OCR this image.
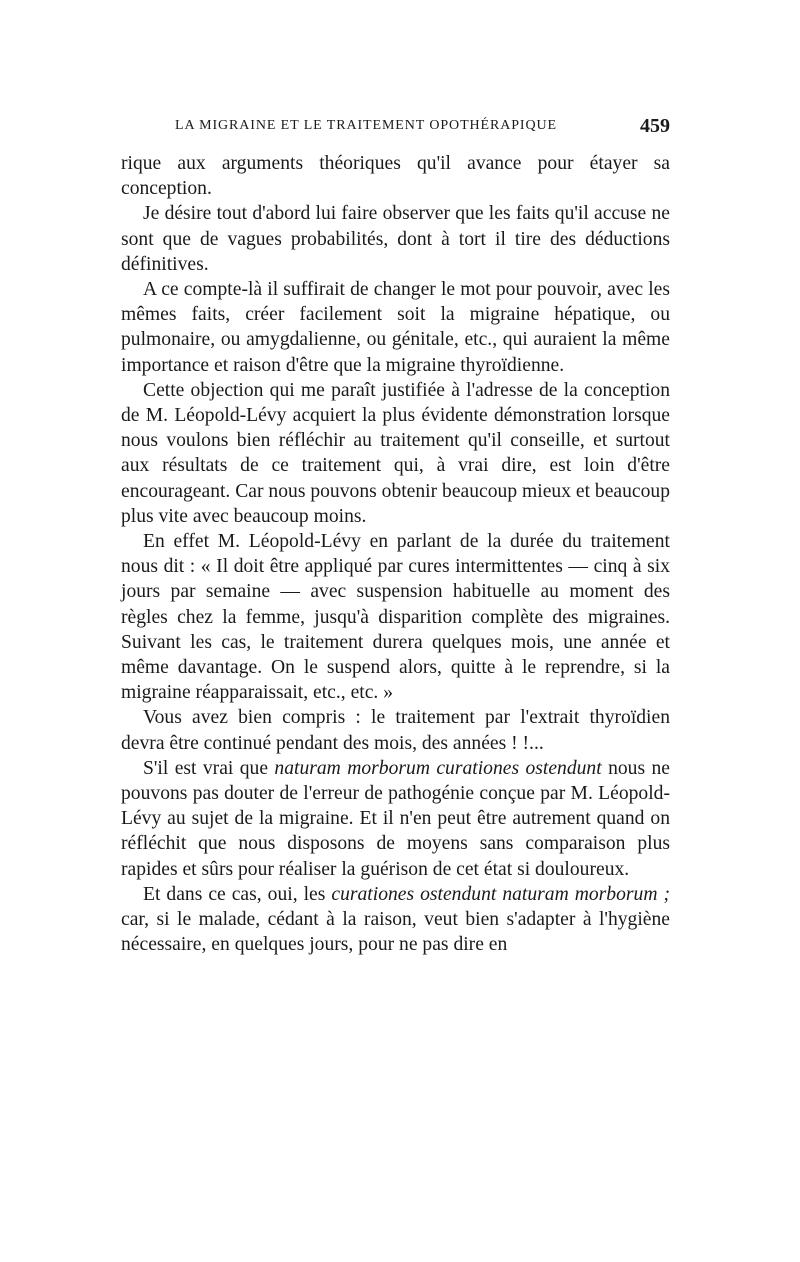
LA MIGRAINE ET LE TRAITEMENT OPOTHÉRAPIQUE	459

rique aux arguments théoriques qu'il avance pour étayer sa conception.

Je désire tout d'abord lui faire observer que les faits qu'il accuse ne sont que de vagues probabilités, dont à tort il tire des déductions définitives.

A ce compte-là il suffirait de changer le mot pour pouvoir, avec les mêmes faits, créer facilement soit la migraine hépatique, ou pulmonaire, ou amygdalienne, ou génitale, etc., qui auraient la même importance et raison d'être que la migraine thyroïdienne.

Cette objection qui me paraît justifiée à l'adresse de la conception de M. Léopold-Lévy acquiert la plus évidente démonstration lorsque nous voulons bien réfléchir au traitement qu'il conseille, et surtout aux résultats de ce traitement qui, à vrai dire, est loin d'être encourageant. Car nous pouvons obtenir beaucoup mieux et beaucoup plus vite avec beaucoup moins.

En effet M. Léopold-Lévy en parlant de la durée du traitement nous dit : « Il doit être appliqué par cures intermittentes — cinq à six jours par semaine — avec suspension habituelle au moment des règles chez la femme, jusqu'à disparition complète des migraines. Suivant les cas, le traitement durera quelques mois, une année et même davantage. On le suspend alors, quitte à le reprendre, si la migraine réapparaissait, etc., etc. »

Vous avez bien compris : le traitement par l'extrait thyroïdien devra être continué pendant des mois, des années ! !...

S'il est vrai que naturam morborum curationes ostendunt nous ne pouvons pas douter de l'erreur de pathogénie conçue par M. Léopold-Lévy au sujet de la migraine. Et il n'en peut être autrement quand on réfléchit que nous disposons de moyens sans comparaison plus rapides et sûrs pour réaliser la guérison de cet état si douloureux.

Et dans ce cas, oui, les curationes ostendunt naturam morborum ; car, si le malade, cédant à la raison, veut bien s'adapter à l'hygiène nécessaire, en quelques jours, pour ne pas dire en
